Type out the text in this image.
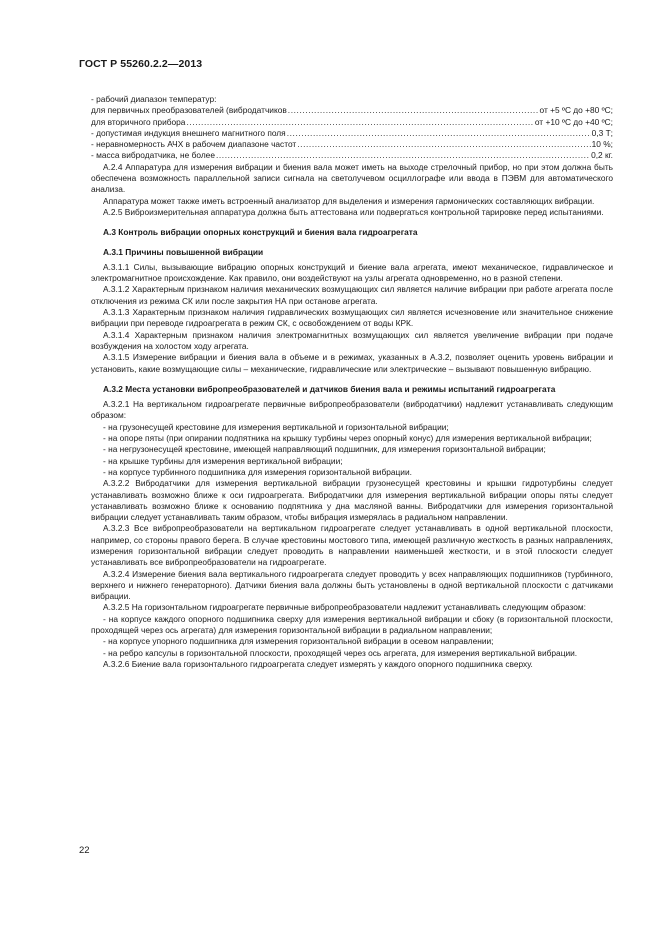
ГОСТ Р 55260.2.2—2013

- рабочий диапазон температур:

для первичных преобразователей (вибродатчиков .....	от +5 ºС до +80 ºС;
для вторичного прибора .....	от +10 ºС до +40 ºС;
- допустимая индукция внешнего магнитного поля .....	0,3 Т;
- неравномерность АЧХ в рабочем диапазоне частот .....	10 %;
- масса вибродатчика, не более .....	0,2 кг.

А.2.4 Аппаратура для измерения вибрации и биения вала может иметь на выходе стрелочный прибор, но при этом должна быть обеспечена возможность параллельной записи сигнала на светолучевом осциллографе или ввода в ПЭВМ для автоматического анализа.

Аппаратура может также иметь встроенный анализатор для выделения и измерения гармонических составляющих вибрации.

А.2.5 Виброизмерительная аппаратура должна быть аттестована или подвергаться контрольной тарировке перед испытаниями.

А.3 Контроль вибрации опорных конструкций и биения вала гидроагрегата

А.3.1 Причины повышенной вибрации

А.3.1.1 Силы, вызывающие вибрацию опорных конструкций и биение вала агрегата, имеют механическое, гидравлическое и электромагнитное происхождение. Как правило, они воздействуют на узлы агрегата одновременно, но в разной степени.

А.3.1.2 Характерным признаком наличия механических возмущающих сил является наличие вибрации при работе агрегата после отключения из режима СК или после закрытия НА при останове агрегата.

А.3.1.3 Характерным признаком наличия гидравлических возмущающих сил является исчезновение или значительное снижение вибрации при переводе гидроагрегата в режим СК, с освобождением от воды КРК.

А.3.1.4 Характерным признаком наличия электромагнитных возмущающих сил является увеличение вибрации при подаче возбуждения на холостом ходу агрегата.

А.3.1.5 Измерение вибрации и биения вала в объеме и в режимах, указанных в А.3.2, позволяет оценить уровень вибрации и установить, какие возмущающие силы – механические, гидравлические или электрические – вызывают повышенную вибрацию.

А.3.2 Места установки вибропреобразователей и датчиков биения вала и режимы испытаний гидроагрегата

А.3.2.1 На вертикальном гидроагрегате первичные вибропреобразователи (вибродатчики) надлежит устанавливать следующим образом:

- на грузонесущей крестовине для измерения вертикальной и горизонтальной вибрации;

- на опоре пяты (при опирании подпятника на крышку турбины через опорный конус) для измерения вертикальной вибрации;

- на негрузонесущей крестовине, имеющей направляющий подшипник, для измерения горизонтальной вибрации;

- на крышке турбины для измерения вертикальной вибрации;

- на корпусе турбинного подшипника для измерения горизонтальной вибрации.

А.3.2.2 Вибродатчики для измерения вертикальной вибрации грузонесущей крестовины и крышки гидротурбины следует устанавливать возможно ближе к оси гидроагрегата. Вибродатчики для измерения вертикальной вибрации опоры пяты следует устанавливать возможно ближе к основанию подпятника у дна масляной ванны. Вибродатчики для измерения горизонтальной вибрации следует устанавливать таким образом, чтобы вибрация измерялась в радиальном направлении.

А.3.2.3 Все вибропреобразователи на вертикальном гидроагрегате следует устанавливать в одной вертикальной плоскости, например, со стороны правого берега. В случае крестовины мостового типа, имеющей различную жесткость в разных направлениях, измерения горизонтальной вибрации следует проводить в направлении наименьшей жесткости, и в этой плоскости следует устанавливать все вибропреобразователи на гидроагрегате.

А.3.2.4 Измерение биения вала вертикального гидроагрегата следует проводить у всех направляющих подшипников (турбинного, верхнего и нижнего генераторного). Датчики биения вала должны быть установлены в одной вертикальной плоскости с датчиками вибрации.

А.3.2.5 На горизонтальном гидроагрегате первичные вибропреобразователи надлежит устанавливать следующим образом:

- на корпусе каждого опорного подшипника сверху для измерения вертикальной вибрации и сбоку (в горизонтальной плоскости, проходящей через ось агрегата) для измерения горизонтальной вибрации в радиальном направлении;

- на корпусе упорного подшипника для измерения горизонтальной вибрации в осевом направлении;

- на ребро капсулы в горизонтальной плоскости, проходящей через ось агрегата, для измерения вертикальной вибрации.

А.3.2.6 Биение вала горизонтального гидроагрегата следует измерять у каждого опорного подшипника сверху.

22
